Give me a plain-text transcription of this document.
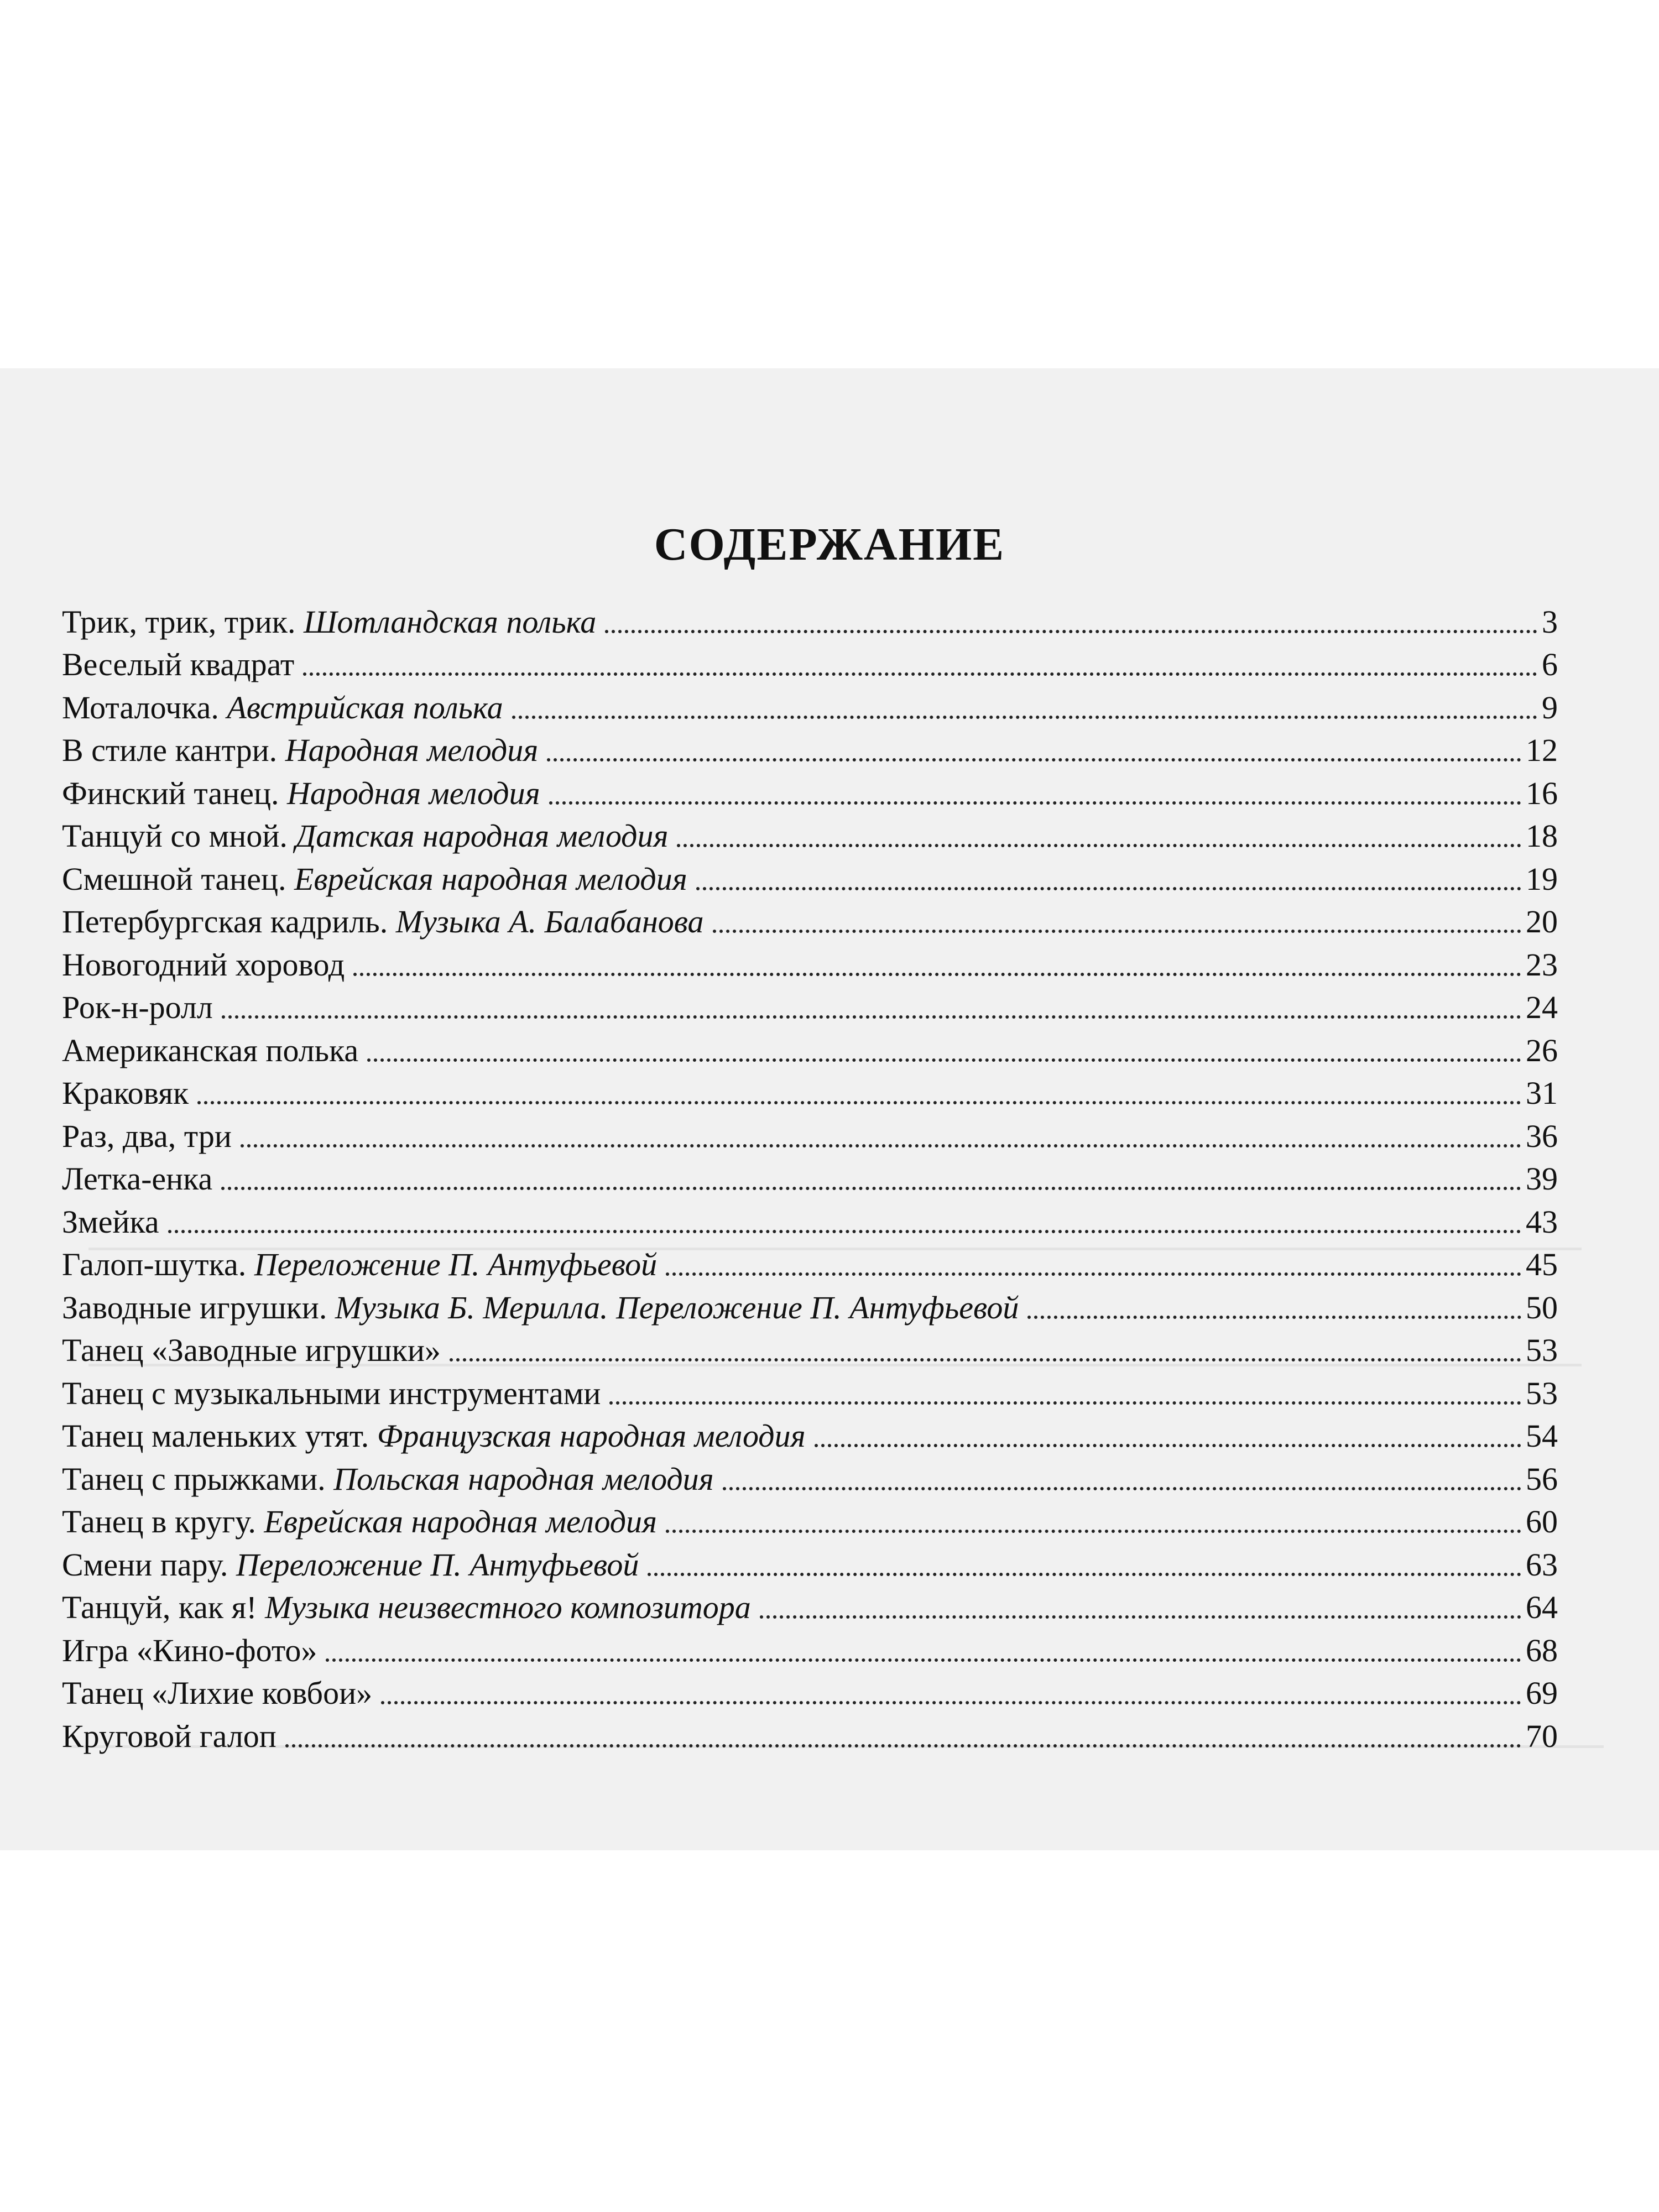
СОДЕРЖАНИЕ
Трик, трик, трик. Шотландская полька	3
Веселый квадрат	6
Моталочка. Австрийская полька	9
В стиле кантри. Народная мелодия	12
Финский танец. Народная мелодия	16
Танцуй со мной. Датская народная мелодия	18
Смешной танец. Еврейская народная мелодия	19
Петербургская кадриль. Музыка А. Балабанова	20
Новогодний хоровод	23
Рок-н-ролл	24
Американская полька	26
Краковяк	31
Раз, два, три	36
Летка-енка	39
Змейка	43
Галоп-шутка. Переложение П. Антуфьевой	45
Заводные игрушки. Музыка Б. Мерилла. Переложение П. Антуфьевой	50
Танец «Заводные игрушки»	53
Танец с музыкальными инструментами	53
Танец маленьких утят. Французская народная мелодия	54
Танец с прыжками. Польская народная мелодия	56
Танец в кругу. Еврейская народная мелодия	60
Смени пару. Переложение П. Антуфьевой	63
Танцуй, как я! Музыка неизвестного композитора	64
Игра «Кино-фото»	68
Танец «Лихие ковбои»	69
Круговой галоп	70
